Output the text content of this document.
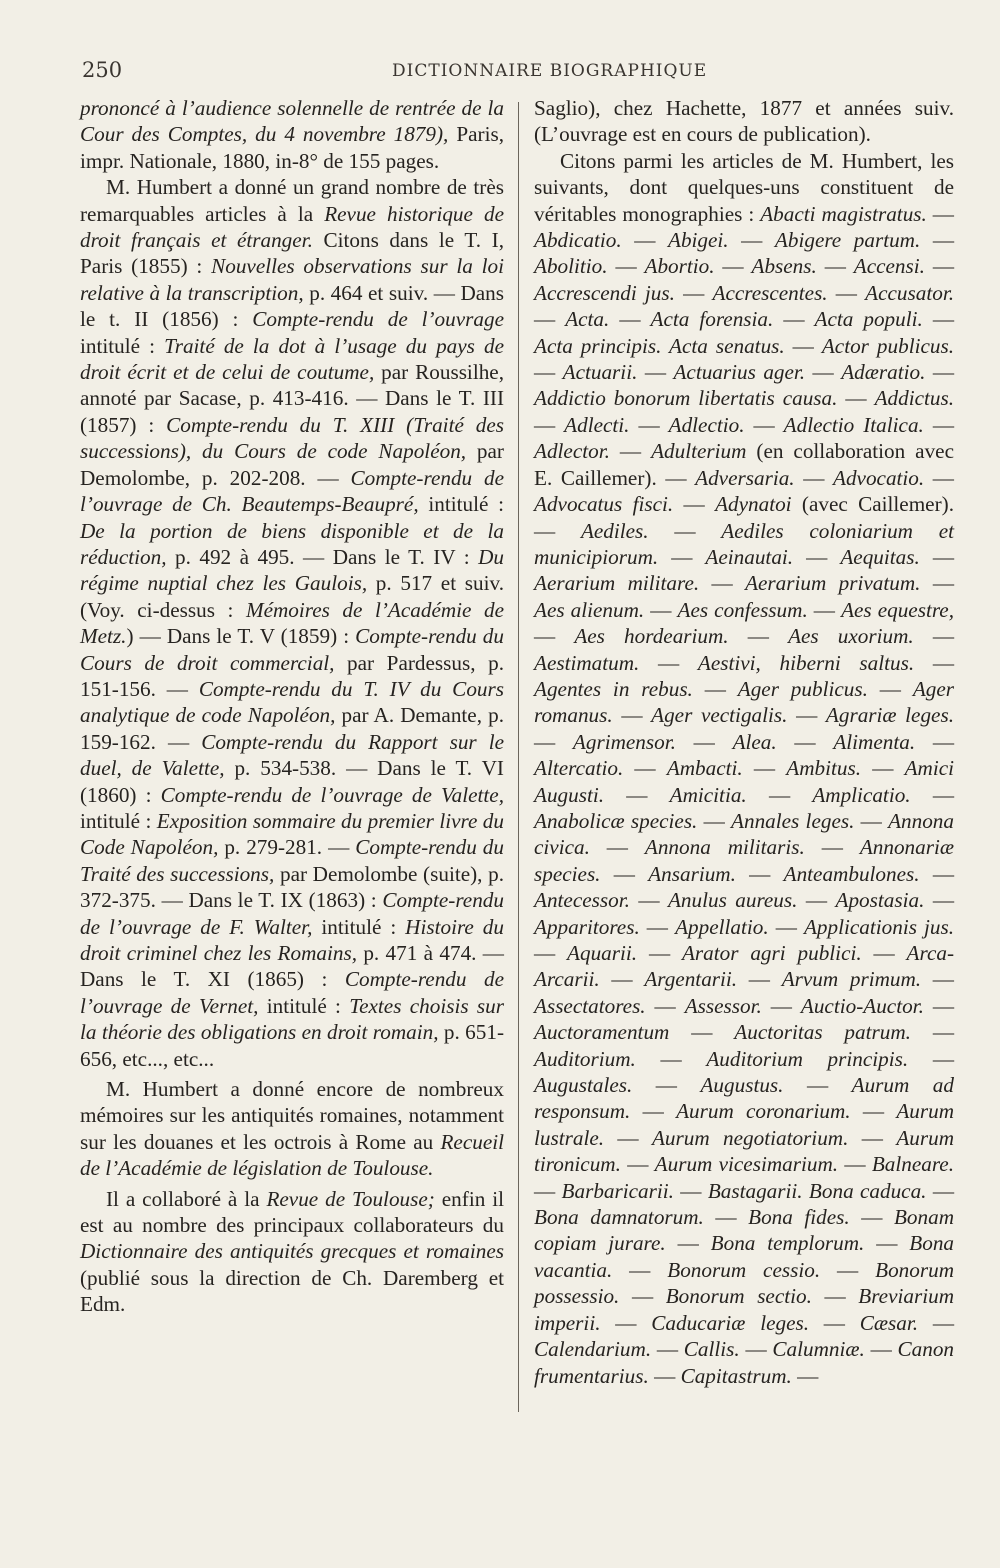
250	DICTIONNAIRE BIOGRAPHIQUE

prononcé à l’audience solennelle de rentrée de la Cour des Comptes, du 4 novembre 1879), Paris, impr. Nationale, 1880, in-8° de 155 pages.

M. Humbert a donné un grand nombre de très remarquables articles à la Revue historique de droit français et étranger. Citons dans le T. I, Paris (1855) : Nouvelles observations sur la loi relative à la transcription, p. 464 et suiv. — Dans le t. II (1856) : Compte-rendu de l’ouvrage intitulé : Traité de la dot à l’usage du pays de droit écrit et de celui de coutume, par Roussilhe, annoté par Sacase, p. 413-416. — Dans le T. III (1857) : Compte-rendu du T. XIII (Traité des successions), du Cours de code Napoléon, par Demolombe, p. 202-208. — Compte-rendu de l’ouvrage de Ch. Beautemps-Beaupré, intitulé : De la portion de biens disponible et de la réduction, p. 492 à 495. — Dans le T. IV : Du régime nuptial chez les Gaulois, p. 517 et suiv. (Voy. ci-dessus : Mémoires de l’Académie de Metz.) — Dans le T. V (1859) : Compte-rendu du Cours de droit commercial, par Pardessus, p. 151-156. — Compte-rendu du T. IV du Cours analytique de code Napoléon, par A. Demante, p. 159-162. — Compte-rendu du Rapport sur le duel, de Valette, p. 534-538. — Dans le T. VI (1860) : Compte-rendu de l’ouvrage de Valette, intitulé : Exposition sommaire du premier livre du Code Napoléon, p. 279-281. — Compte-rendu du Traité des successions, par Demolombe (suite), p. 372-375. — Dans le T. IX (1863) : Compte-rendu de l’ouvrage de F. Walter, intitulé : Histoire du droit criminel chez les Romains, p. 471 à 474. — Dans le T. XI (1865) : Compte-rendu de l’ouvrage de Vernet, intitulé : Textes choisis sur la théorie des obligations en droit romain, p. 651-656, etc..., etc...

M. Humbert a donné encore de nombreux mémoires sur les antiquités romaines, notamment sur les douanes et les octrois à Rome au Recueil de l’Académie de législation de Toulouse.

Il a collaboré à la Revue de Toulouse; enfin il est au nombre des principaux collaborateurs du Dictionnaire des antiquités grecques et romaines (publié sous la direction de Ch. Daremberg et Edm.

Saglio), chez Hachette, 1877 et années suiv. (L’ouvrage est en cours de publication).

Citons parmi les articles de M. Humbert, les suivants, dont quelques-uns constituent de véritables monographies : Abacti magistratus. — Abdicatio. — Abigei. — Abigere partum. — Abolitio. — Abortio. — Absens. — Accensi. — Accrescendi jus. — Accrescentes. — Accusator. — Acta. — Acta forensia. — Acta populi. — Acta principis. Acta senatus. — Actor publicus. — Actuarii. — Actuarius ager. — Adæratio. — Addictio bonorum libertatis causa. — Addictus. — Adlecti. — Adlectio. — Adlectio Italica. — Adlector. — Adulterium (en collaboration avec E. Caillemer). — Adversaria. — Advocatio. — Advocatus fisci. — Adynatoi (avec Caillemer). — Aediles. — Aediles coloniarium et municipiorum. — Aeinautai. — Aequitas. — Aerarium militare. — Aerarium privatum. — Aes alienum. — Aes confessum. — Aes equestre, — Aes hordearium. — Aes uxorium. — Aestimatum. — Aestivi, hiberni saltus. — Agentes in rebus. — Ager publicus. — Ager romanus. — Ager vectigalis. — Agrariæ leges. — Agrimensor. — Alea. — Alimenta. — Altercatio. — Ambacti. — Ambitus. — Amici Augusti. — Amicitia. — Amplicatio. — Anabolicæ species. — Annales leges. — Annona civica. — Annona militaris. — Annonariæ species. — Ansarium. — Anteambulones. — Antecessor. — Anulus aureus. — Apostasia. — Apparitores. — Appellatio. — Applicationis jus. — Aquarii. — Arator agri publici. — Arca-Arcarii. — Argentarii. — Arvum primum. — Assectatores. — Assessor. — Auctio-Auctor. — Auctoramentum — Auctoritas patrum. — Auditorium. — Auditorium principis. — Augustales. — Augustus. — Aurum ad responsum. — Aurum coronarium. — Aurum lustrale. — Aurum negotiatorium. — Aurum tironicum. — Aurum vicesimarium. — Balneare. — Barbaricarii. — Bastagarii. Bona caduca. — Bona damnatorum. — Bona fides. — Bonam copiam jurare. — Bona templorum. — Bona vacantia. — Bonorum cessio. — Bonorum possessio. — Bonorum sectio. — Breviarium imperii. — Caducariæ leges. — Cæsar. — Calendarium. — Callis. — Calumniæ. — Canon frumentarius. — Capitastrum. —
